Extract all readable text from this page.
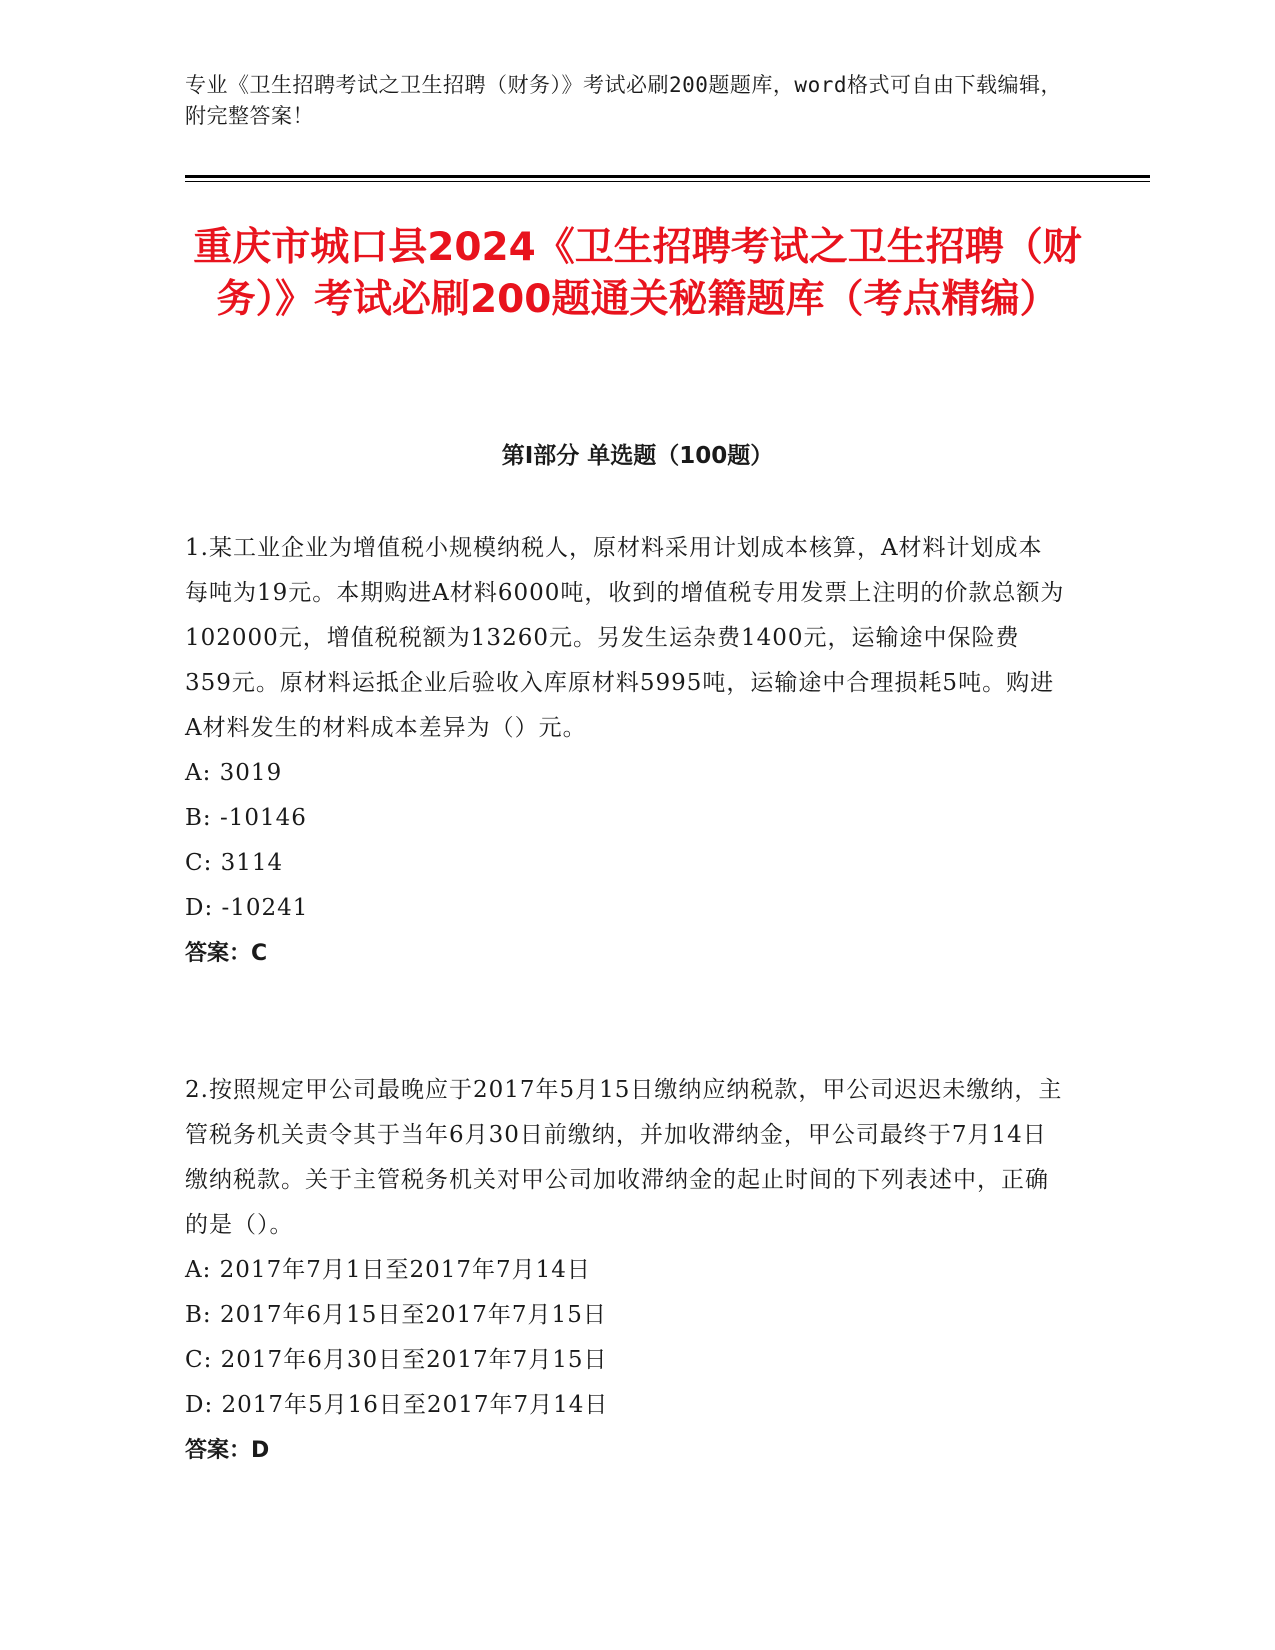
专业《卫生招聘考试之卫生招聘（财务）》考试必刷200题题库，word格式可自由下载编辑，附完整答案！
重庆市城口县2024《卫生招聘考试之卫生招聘（财务）》考试必刷200题通关秘籍题库（考点精编）
第I部分 单选题（100题）
1.某工业企业为增值税小规模纳税人，原材料采用计划成本核算，A材料计划成本每吨为19元。本期购进A材料6000吨，收到的增值税专用发票上注明的价款总额为102000元，增值税税额为13260元。另发生运杂费1400元，运输途中保险费359元。原材料运抵企业后验收入库原材料5995吨，运输途中合理损耗5吨。购进A材料发生的材料成本差异为（）元。
A: 3019
B: -10146
C: 3114
D: -10241
答案：C
2.按照规定甲公司最晚应于2017年5月15日缴纳应纳税款，甲公司迟迟未缴纳，主管税务机关责令其于当年6月30日前缴纳，并加收滞纳金，甲公司最终于7月14日缴纳税款。关于主管税务机关对甲公司加收滞纳金的起止时间的下列表述中，正确的是（）。
A: 2017年7月1日至2017年7月14日
B: 2017年6月15日至2017年7月15日
C: 2017年6月30日至2017年7月15日
D: 2017年5月16日至2017年7月14日
答案：D
